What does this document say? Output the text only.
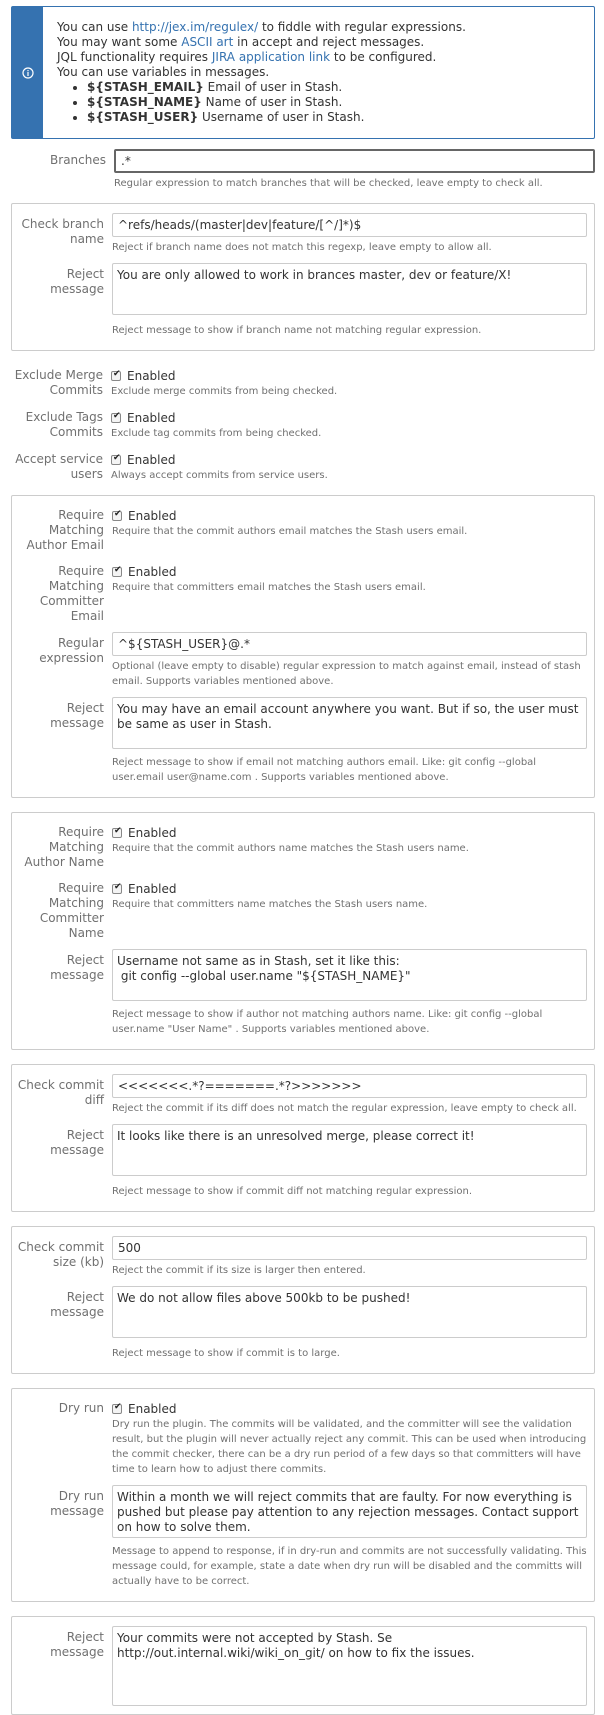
You can use http://jex.im/regulex/ to fiddle with regular expressions.
You may want some ASCII art in accept and reject messages.
JQL functionality requires JIRA application link to be configured.
You can use variables in messages.
• ${STASH_EMAIL} Email of user in Stash.
• ${STASH_NAME} Name of user in Stash.
• ${STASH_USER} Username of user in Stash.
Branches
.*
Regular expression to match branches that will be checked, leave empty to check all.
Check branch name
^refs/heads/(master|dev|feature/[^/]*)$
Reject if branch name does not match this regexp, leave empty to allow all.
Reject message
You are only allowed to work in brances master, dev or feature/X!
Reject message to show if branch name not matching regular expression.
Exclude Merge Commits
✔
Enabled
Exclude merge commits from being checked.
Exclude Tags Commits
✔
Enabled
Exclude tag commits from being checked.
Accept service users
✔
Enabled
Always accept commits from service users.
Require Matching Author Email
✔
Enabled
Require that the commit authors email matches the Stash users email.
Require Matching Committer Email
✔
Enabled
Require that committers email matches the Stash users email.
Regular expression
^${STASH_USER}@.*
Optional (leave empty to disable) regular expression to match against email, instead of stash email. Supports variables mentioned above.
Reject message
You may have an email account anywhere you want. But if so, the user must be same as user in Stash.
Reject message to show if email not matching authors email. Like: git config --global user.email user@name.com . Supports variables mentioned above.
Require Matching Author Name
✔
Enabled
Require that the commit authors name matches the Stash users name.
Require Matching Committer Name
✔
Enabled
Require that committers name matches the Stash users name.
Reject message
Username not same as in Stash, set it like this: git config --global user.name "${STASH_NAME}"
Reject message to show if author not matching authors name. Like: git config --global user.name "User Name" . Supports variables mentioned above.
Check commit diff
<<<<<<<.*?=======.*?>>>>>>>
Reject the commit if its diff does not match the regular expression, leave empty to check all.
Reject message
It looks like there is an unresolved merge, please correct it!
Reject message to show if commit diff not matching regular expression.
Check commit size (kb)
500
Reject the commit if its size is larger then entered.
Reject message
We do not allow files above 500kb to be pushed!
Reject message to show if commit is to large.
Dry run
✔	Enabled
Dry run the plugin. The commits will be validated, and the committer will see the validation result, but the plugin will never actually reject any commit. This can be used when introducing the commit checker, there can be a dry run period of a few days so that committers will have time to learn how to adjust there commits.
Dry run message
Within a month we will reject commits that are faulty. For now everything is pushed but please pay attention to any rejection messages. Contact support on how to solve them.
Message to append to response, if in dry-run and commits are not successfully validating. This message could, for example, state a date when dry run will be disabled and the committs will actually have to be correct.
Reject message
Your commits were not accepted by Stash. Se http://out.internal.wiki/wiki_on_git/ on how to fix the issues.
